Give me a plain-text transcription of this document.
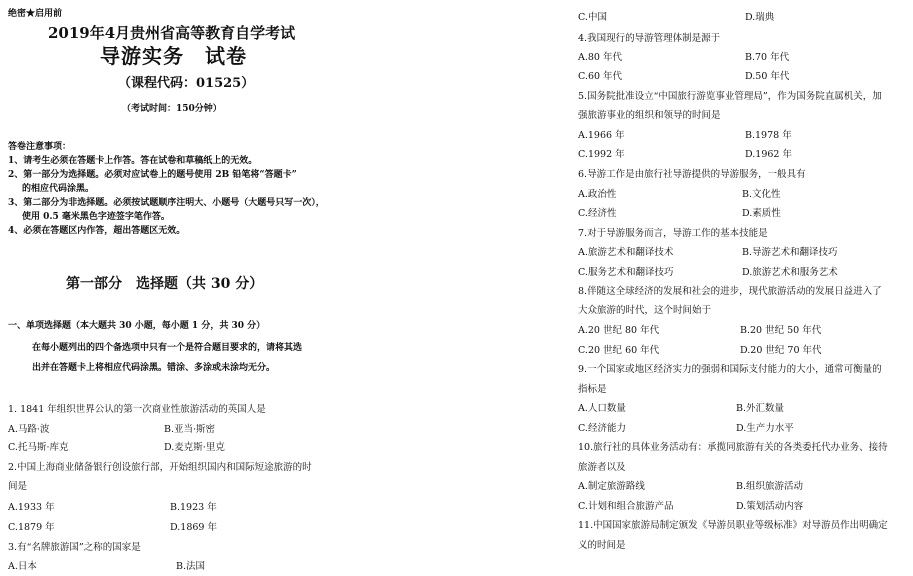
绝密★启用前
2019年4月贵州省高等教育自学考试
导游实务　试卷
（课程代码：01525）
（考试时间：150分钟）
答卷注意事项：
1、请考生必须在答题卡上作答。答在试卷和草稿纸上的无效。
2、第一部分为选择题。必须对应试卷上的题号使用 2B 铅笔将“答题卡”
的相应代码涂黑。
3、第二部分为非选择题。必须按试题顺序注明大、小题号（大题号只写一次），
使用 0.5 毫米黑色字迹签字笔作答。
4、必须在答题区内作答，超出答题区无效。
第一部分　选择题（共 30 分）
一、单项选择题（本大题共 30 小题，每小题 1 分，共 30 分）
在每小题列出的四个备选项中只有一个是符合题目要求的，请将其选
出并在答题卡上将相应代码涂黑。错涂、多涂或未涂均无分。
1. 1841 年组织世界公认的第一次商业性旅游活动的英国人是
A.马路·波	B.亚当·斯密
C.托马斯·库克	D.麦克斯·里克
2.中国上海商业储备银行创设旅行部，开始组织国内和国际短途旅游的时
间是
A.1933 年	B.1923 年
C.1879 年	D.1869 年
3.有“名牌旅游国”之称的国家是
A.日本	B.法国
C.中国	D.瑞典
4.我国现行的导游管理体制是源于
A.80 年代	B.70 年代
C.60 年代	D.50 年代
5.国务院批准设立“中国旅行游览事业管理局”，作为国务院直属机关，加
强旅游事业的组织和领导的时间是
A.1966 年	B.1978 年
C.1992 年	D.1962 年
6.导游工作是由旅行社导游提供的导游服务，一般具有
A.政治性	B.文化性
C.经济性	D.素质性
7.对于导游服务而言，导游工作的基本技能是
A.旅游艺术和翻译技术	B.导游艺术和翻译技巧
C.服务艺术和翻译技巧	D.旅游艺术和服务艺术
8.伴随这全球经济的发展和社会的进步，现代旅游活动的发展日益进入了
大众旅游的时代，这个时间始于
A.20 世纪 80 年代	B.20 世纪 50 年代
C.20 世纪 60 年代	D.20 世纪 70 年代
9.一个国家或地区经济实力的强弱和国际支付能力的大小，通常可衡量的
指标是
A.人口数量	B.外汇数量
C.经济能力	D.生产力水平
10.旅行社的具体业务活动有：承揽同旅游有关的各类委托代办业务、接待
旅游者以及
A.制定旅游路线	B.组织旅游活动
C.计划和组合旅游产品	D.策划活动内容
11.中国国家旅游局制定颁发《导游员职业等级标准》对导游员作出明确定
义的时间是
